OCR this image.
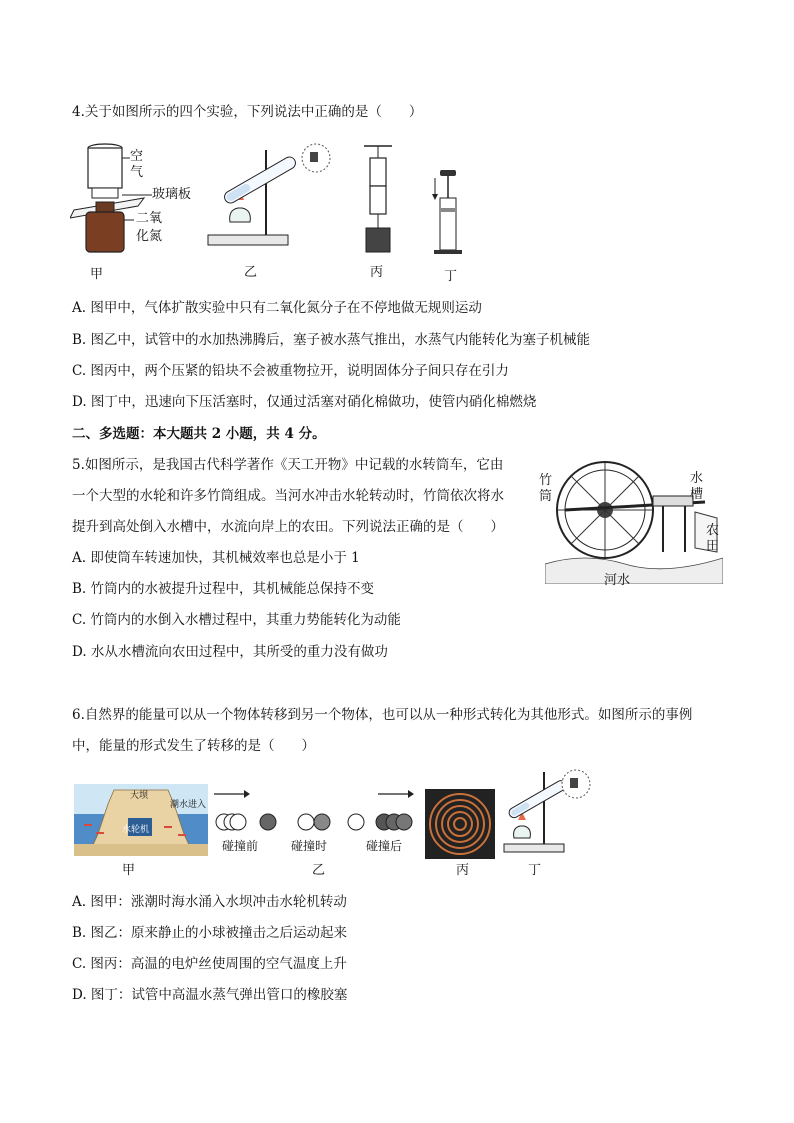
4.关于如图所示的四个实验，下列说法中正确的是（　　）
空
气
玻璃板
二氧
化氮
甲	乙	丙	丁
A. 图甲中，气体扩散实验中只有二氧化氮分子在不停地做无规则运动
B. 图乙中，试管中的水加热沸腾后，塞子被水蒸气推出，水蒸气内能转化为塞子机械能
C. 图丙中，两个压紧的铅块不会被重物拉开，说明固体分子间只存在引力
D. 图丁中，迅速向下压活塞时，仅通过活塞对硝化棉做功，使管内硝化棉燃烧
二、多选题：本大题共 2 小题，共 4 分。
5.如图所示，是我国古代科学著作《天工开物》中记载的水转筒车，它由
一个大型的水轮和许多竹筒组成。当河水冲击水轮转动时，竹筒依次将水
提升到高处倒入水槽中，水流向岸上的农田。下列说法正确的是（　　）
A. 即使筒车转速加快，其机械效率也总是小于 1
B. 竹筒内的水被提升过程中，其机械能总保持不变
C. 竹筒内的水倒入水槽过程中，其重力势能转化为动能
D. 水从水槽流向农田过程中，其所受的重力没有做功
竹
筒
水
槽
农
田
河水
6.自然界的能量可以从一个物体转移到另一个物体，也可以从一种形式转化为其他形式。如图所示的事例
中，能量的形式发生了转移的是（　　）
大坝
潮水进入
水轮机
甲
碰撞前	碰撞时	碰撞后
乙	丙	丁
A. 图甲：涨潮时海水涌入水坝冲击水轮机转动
B. 图乙：原来静止的小球被撞击之后运动起来
C. 图丙：高温的电炉丝使周围的空气温度上升
D. 图丁：试管中高温水蒸气弹出管口的橡胶塞
